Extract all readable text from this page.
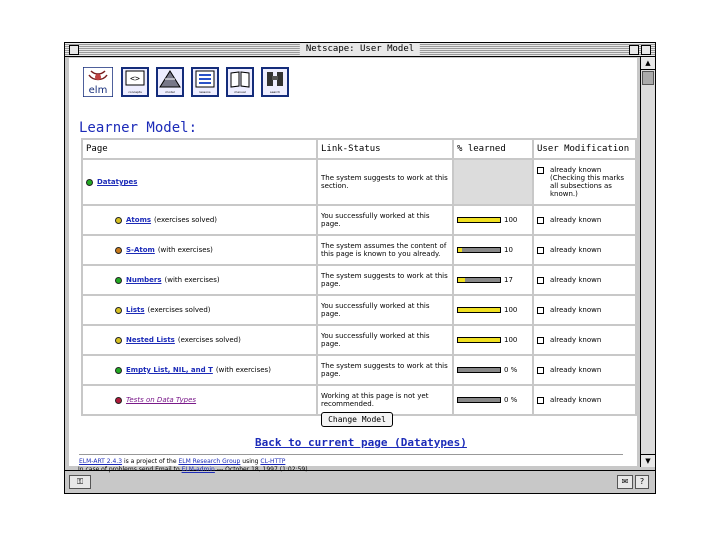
Netscape: User Model
elm
<>
concepts	model	lessons	manual	search
Learner Model:
Page	Link-Status	% learned	User Modification
Datatypes	The system suggests to work at this section.		already known
(Checking this marks all subsections as known.)

Atoms (exercises solved)	You successfully worked at this page.	100	already known
S-Atom (with exercises)	The system assumes the content of this page is known to you already.	10	already known
Numbers (with exercises)	The system suggests to work at this page.	17	already known
Lists (exercises solved)	You successfully worked at this page.	100	already known
Nested Lists (exercises solved)	You successfully worked at this page.	100	already known
Empty List, NIL, and T (with exercises)	The system suggests to work at this page.	0 %	already known
Tests on Data Types	Working at this page is not yet recommended.	0 %	already known
Change Model
Back to current page (Datatypes)
ELM-ART 2.4.3 is a project of the ELM Research Group using CL-HTTP
▲
▼
⚿	✉	?
In case of problems send Email to ELM-admin --- October 18, 1997 (1:02:59)
